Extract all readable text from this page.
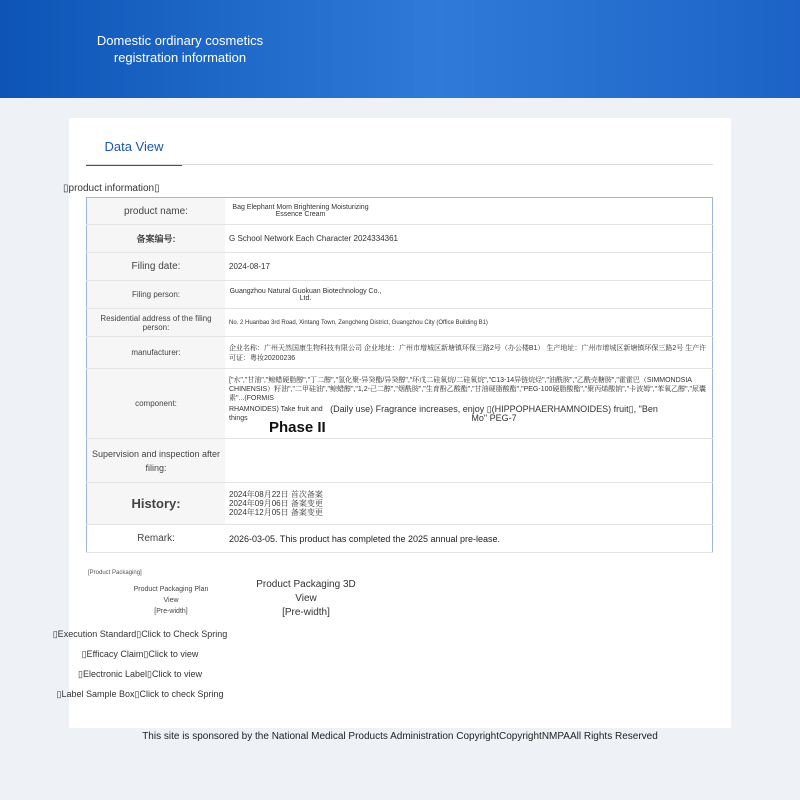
Domestic ordinary cosmetics registration information
Data View
▯product information▯
product name:	Bag Elephant Mom Brightening Moisturizing Essence Cream
备案编号:	G School Network Each Character 2024334361
Filing date:	2024-08-17
Filing person:	Guangzhou Natural Guokuan Biotechnology Co., Ltd.
Residential address of the filing person:	No. 2 Huanbao 3rd Road, Xintang Town, Zengcheng District, Guangzhou City (Office Building B1)
manufacturer:	企业名称：广州天然国康生物科技有限公司 企业地址：广州市增城区新塘镇环保三路2号（办公楼B1） 生产地址：广州市增城区新塘镇环保三路2号 生产许可证：粤妆20200236
component:	["水","甘油","鲸蜡硬脂醇","丁二醇","氢化聚-异癸酯/异癸醇","环戊二硅氧烷/二硅氧烷","C13-14异链烷烃","油酰胺","乙酰壳糖胺","霍霍巴（SIMMONDSIA CHINENSIS）籽油","二甲硅油","鲸蜡醇","1,2-己二醇","烟酰胺","生育酚乙酸酯","甘油硬脂酸酯","PEG-100硬脂酸酯","聚丙烯酸钠","卡波姆","苯氧乙醇","尿囊素"...(FORMIS
RHAMNOIDES) Take fruit and things
(Daily use) Fragrance increases, enjoy ▯(HIPPOPHAERHAMNOIDES) fruit▯, "Ben Mo" PEG-7
Phase II

Supervision and inspection after filing:	
History:	2024年08月22日 首次备案
2024年09月06日 备案变更
2024年12月05日 备案变更

Remark:	2026-03-05. This product has completed the 2025 annual pre-lease.
[Product Packaging]
Product Packaging Plan View
[Pre-width]
Product Packaging 3D View
[Pre-width]
▯Execution Standard▯ Click to Check Spring
▯Efficacy Claim▯ Click to view
▯Electronic Label▯ Click to view
▯Label Sample Box▯ Click to check Spring
This site is sponsored by the National Medical Products Administration CopyrightCopyrightNMPAAll Rights Reserved
